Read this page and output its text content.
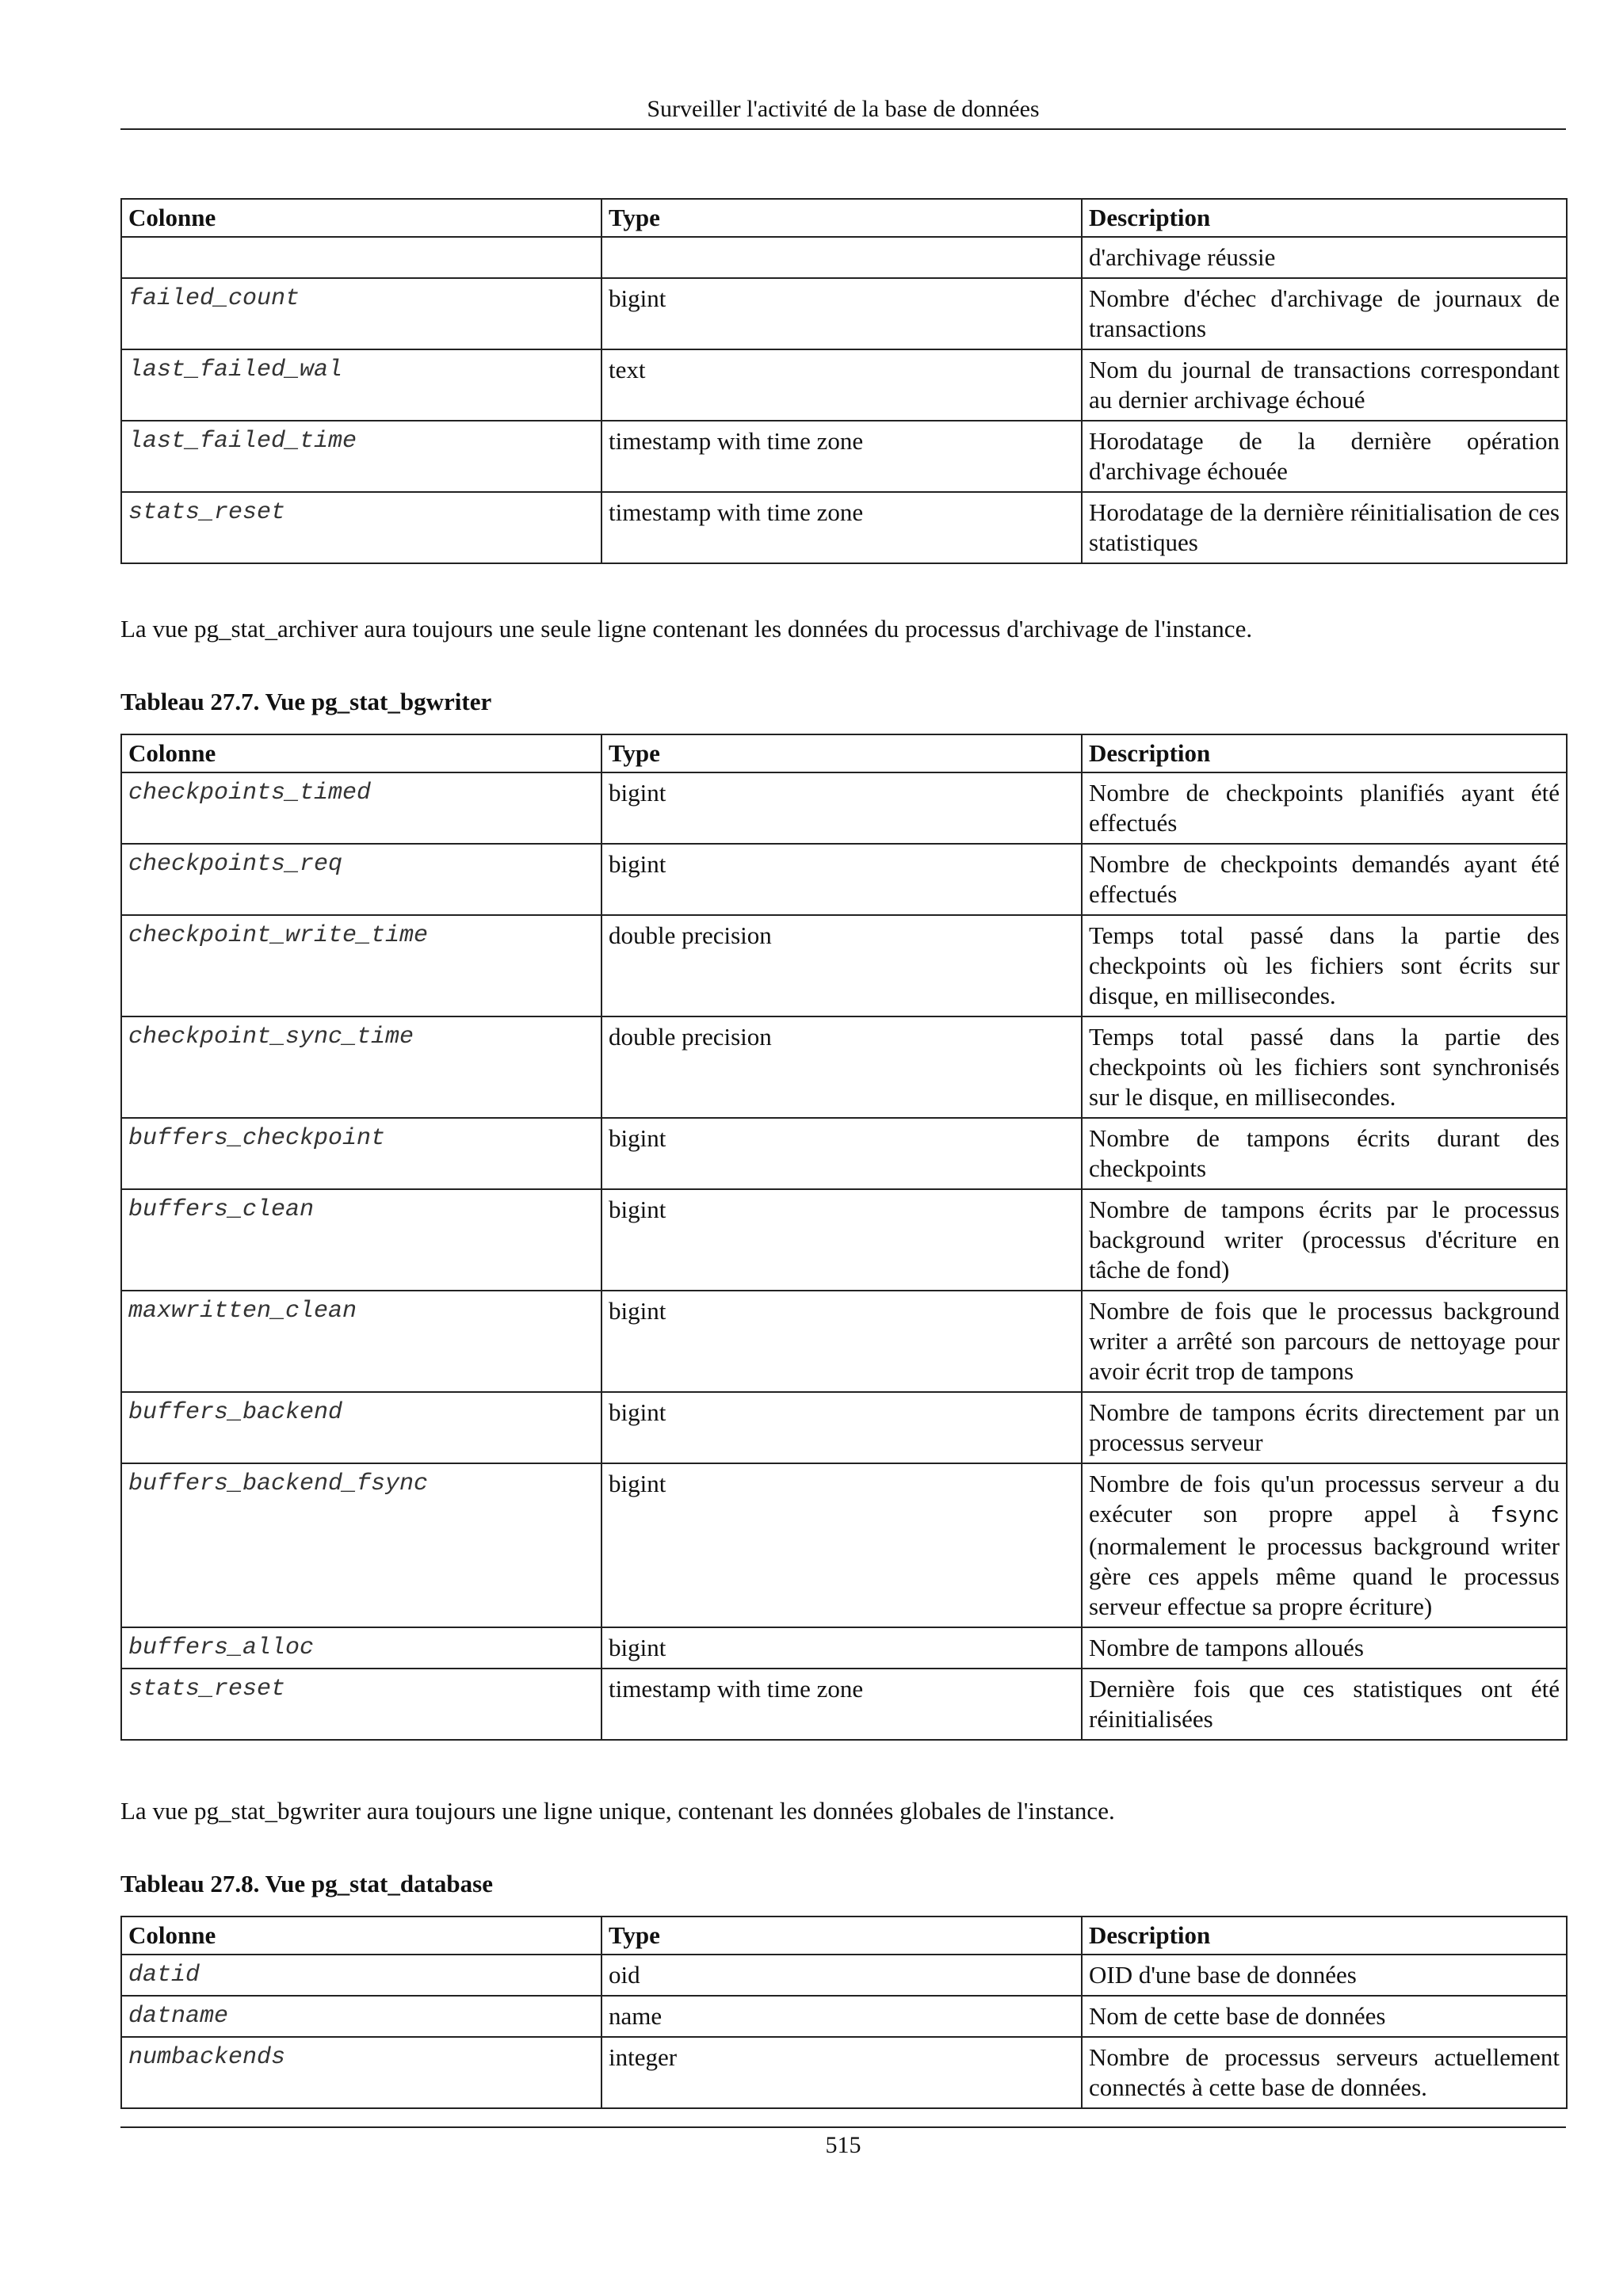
Surveiller l'activité de la base de données
Colonne	Type	Description
		d'archivage réussie
failed_count	bigint	Nombre d'échec d'archivage de journaux de transactions
last_failed_wal	text	Nom du journal de transactions correspondant au dernier archivage échoué
last_failed_time	timestamp with time zone	Horodatage de la dernière opération d'archivage échouée
stats_reset	timestamp with time zone	Horodatage de la dernière réinitialisation de ces statistiques
La vue pg_stat_archiver aura toujours une seule ligne contenant les données du processus d'archivage de l'instance.
Tableau 27.7. Vue pg_stat_bgwriter
Colonne	Type	Description
checkpoints_timed	bigint	Nombre de checkpoints planifiés ayant été effectués
checkpoints_req	bigint	Nombre de checkpoints demandés ayant été effectués
checkpoint_write_time	double precision	Temps total passé dans la partie des checkpoints où les fichiers sont écrits sur disque, en millisecondes.
checkpoint_sync_time	double precision	Temps total passé dans la partie des checkpoints où les fichiers sont synchronisés sur le disque, en millisecondes.
buffers_checkpoint	bigint	Nombre de tampons écrits durant des checkpoints
buffers_clean	bigint	Nombre de tampons écrits par le processus background writer (processus d'écriture en tâche de fond)
maxwritten_clean	bigint	Nombre de fois que le processus background writer a arrêté son parcours de nettoyage pour avoir écrit trop de tampons
buffers_backend	bigint	Nombre de tampons écrits directement par un processus serveur
buffers_backend_fsync	bigint	Nombre de fois qu'un processus serveur a du exécuter son propre appel à fsync (normalement le processus background writer gère ces appels même quand le processus serveur effectue sa propre écriture)
buffers_alloc	bigint	Nombre de tampons alloués
stats_reset	timestamp with time zone	Dernière fois que ces statistiques ont été réinitialisées
La vue pg_stat_bgwriter aura toujours une ligne unique, contenant les données globales de l'instance.
Tableau 27.8. Vue pg_stat_database
Colonne	Type	Description
datid	oid	OID d'une base de données
datname	name	Nom de cette base de données
numbackends	integer	Nombre de processus serveurs actuellement connectés à cette base de données.
515
